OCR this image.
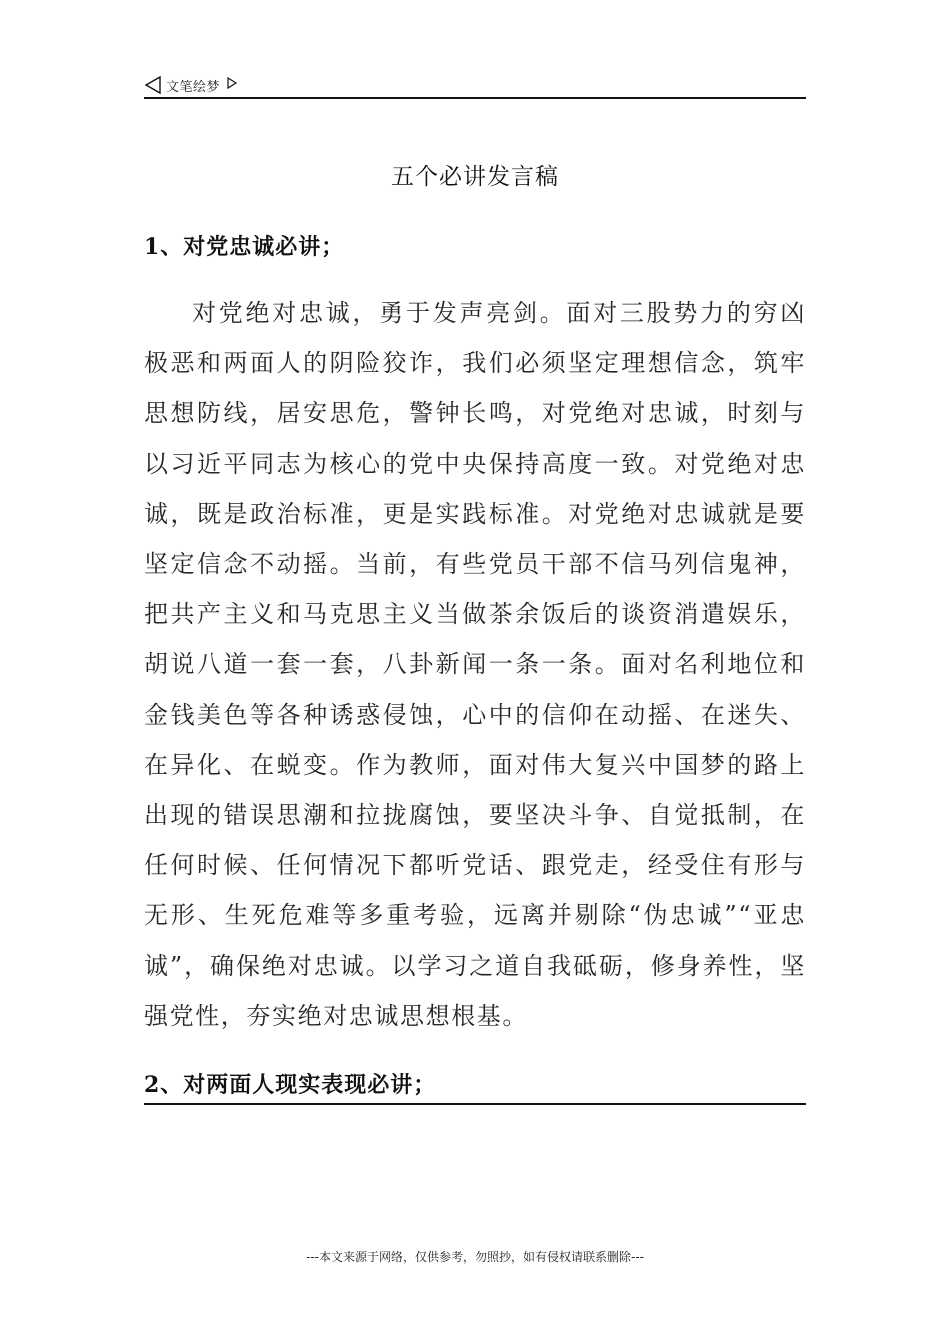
文笔绘梦
五个必讲发言稿
1、对党忠诚必讲；

对党绝对忠诚，勇于发声亮剑。面对三股势力的穷凶极恶和两面人的阴险狡诈，我们必须坚定理想信念，筑牢思想防线，居安思危，警钟长鸣，对党绝对忠诚，时刻与以习近平同志为核心的党中央保持高度一致。对党绝对忠诚，既是政治标准，更是实践标准。对党绝对忠诚就是要坚定信念不动摇。当前，有些党员干部不信马列信鬼神，把共产主义和马克思主义当做茶余饭后的谈资消遣娱乐，胡说八道一套一套，八卦新闻一条一条。面对名利地位和金钱美色等各种诱惑侵蚀，心中的信仰在动摇、在迷失、在异化、在蜕变。作为教师，面对伟大复兴中国梦的路上出现的错误思潮和拉拢腐蚀，要坚决斗争、自觉抵制，在任何时候、任何情况下都听党话、跟党走，经受住有形与无形、生死危难等多重考验，远离并剔除“伪忠诚”“亚忠诚”，确保绝对忠诚。以学习之道自我砥砺，修身养性，坚强党性，夯实绝对忠诚思想根基。

2、对两面人现实表现必讲；
---本文来源于网络，仅供参考，勿照抄，如有侵权请联系删除---
